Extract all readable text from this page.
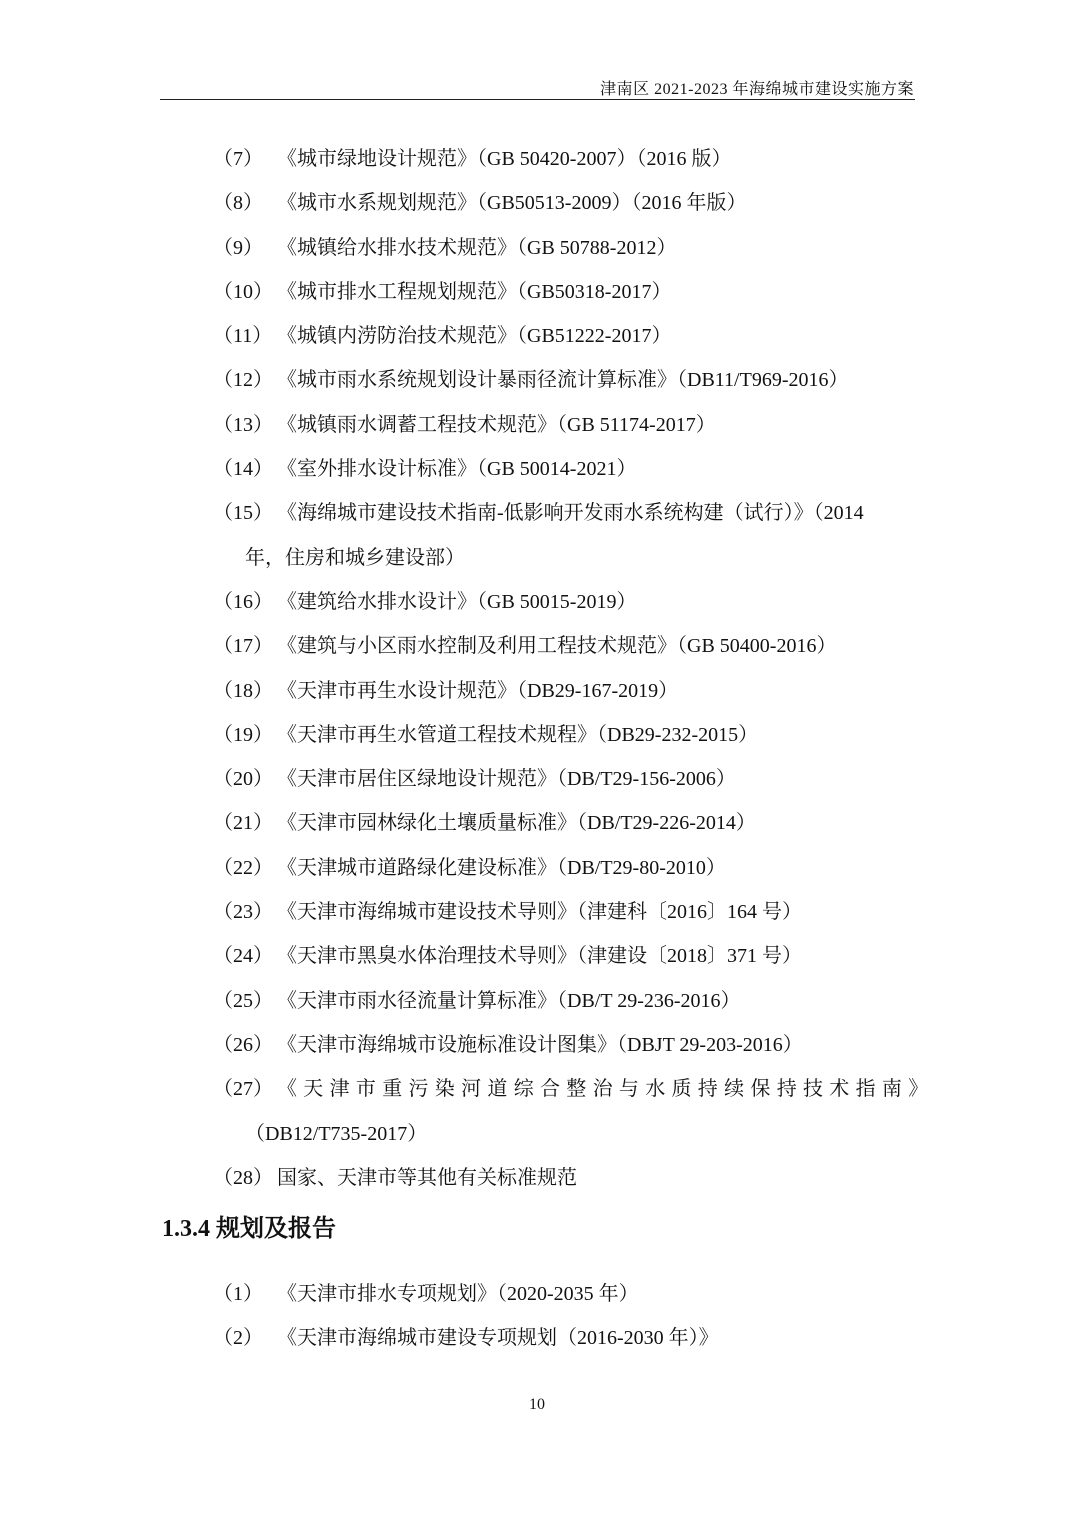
津南区 2021-2023 年海绵城市建设实施方案
（7） 《城市绿地设计规范》（GB 50420-2007）（2016 版）
（8） 《城市水系规划规范》（GB50513-2009）（2016 年版）
（9） 《城镇给水排水技术规范》（GB 50788-2012）
（10） 《城市排水工程规划规范》（GB50318-2017）
（11） 《城镇内涝防治技术规范》（GB51222-2017）
（12） 《城市雨水系统规划设计暴雨径流计算标准》（DB11/T969-2016）
（13） 《城镇雨水调蓄工程技术规范》（GB 51174-2017）
（14） 《室外排水设计标准》（GB 50014-2021）
（15） 《海绵城市建设技术指南-低影响开发雨水系统构建（试行）》（2014
年，住房和城乡建设部）
（16） 《建筑给水排水设计》（GB 50015-2019）
（17） 《建筑与小区雨水控制及利用工程技术规范》（GB 50400-2016）
（18） 《天津市再生水设计规范》（DB29-167-2019）
（19） 《天津市再生水管道工程技术规程》（DB29-232-2015）
（20） 《天津市居住区绿地设计规范》（DB/T29-156-2006）
（21） 《天津市园林绿化土壤质量标准》（DB/T29-226-2014）
（22） 《天津城市道路绿化建设标准》（DB/T29-80-2010）
（23） 《天津市海绵城市建设技术导则》（津建科〔2016〕164 号）
（24） 《天津市黑臭水体治理技术导则》（津建设〔2018〕371 号）
（25） 《天津市雨水径流量计算标准》（DB/T 29-236-2016）
（26） 《天津市海绵城市设施标准设计图集》（DBJT 29-203-2016）
（27） 《天津市重污染河道综合整治与水质持续保持技术指南》
（DB12/T735-2017）
（28） 国家、天津市等其他有关标准规范
1.3.4 规划及报告
（1） 《天津市排水专项规划》（2020-2035 年）
（2） 《天津市海绵城市建设专项规划（2016-2030 年）》
10
